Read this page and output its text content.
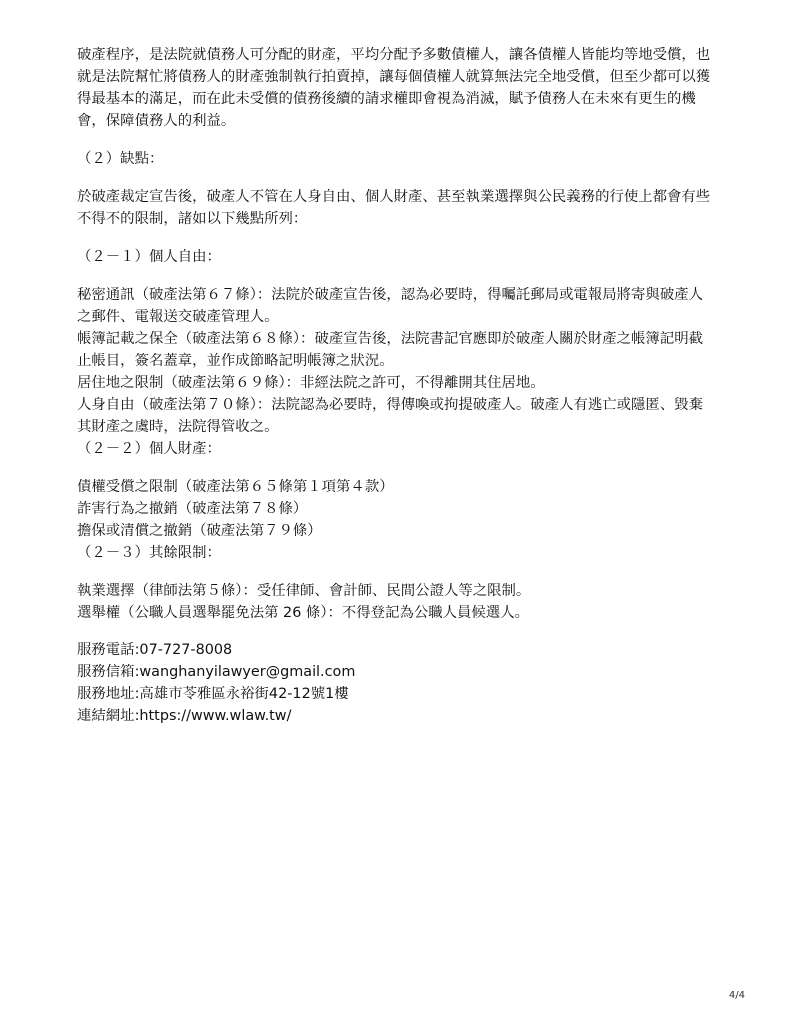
破產程序，是法院就債務人可分配的財產，平均分配予多數債權人，讓各債權人皆能均等地受償，也就是法院幫忙將債務人的財產強制執行拍賣掉，讓每個債權人就算無法完全地受償，但至少都可以獲得最基本的滿足，而在此未受償的債務後續的請求權即會視為消滅，賦予債務人在未來有更生的機會，保障債務人的利益。

（２）缺點：

於破產裁定宣告後，破產人不管在人身自由、個人財產、甚至執業選擇與公民義務的行使上都會有些不得不的限制，諸如以下幾點所列：

（２－１）個人自由：

秘密通訊（破產法第６７條）：法院於破產宣告後，認為必要時，得囑託郵局或電報局將寄與破產人之郵件、電報送交破產管理人。

帳簿記載之保全（破產法第６８條）：破產宣告後，法院書記官應即於破產人關於財產之帳簿記明截止帳目，簽名蓋章，並作成節略記明帳簿之狀況。

居住地之限制（破產法第６９條）：非經法院之許可，不得離開其住居地。

人身自由（破產法第７０條）：法院認為必要時，得傳喚或拘提破產人。破產人有逃亡或隱匿、毀棄其財產之虞時，法院得管收之。

（２－２）個人財產：

債權受償之限制（破產法第６５條第１項第４款）

詐害行為之撤銷（破產法第７８條）

擔保或清償之撤銷（破產法第７９條）

（２－３）其餘限制：

執業選擇（律師法第５條）：受任律師、會計師、民間公證人等之限制。

選舉權（公職人員選舉罷免法第 26 條）：不得登記為公職人員候選人。

服務電話:07-727-8008

服務信箱:wanghanyilawyer@gmail.com

服務地址:高雄市苓雅區永裕街42-12號1樓

連結網址:https://www.wlaw.tw/

4/4
